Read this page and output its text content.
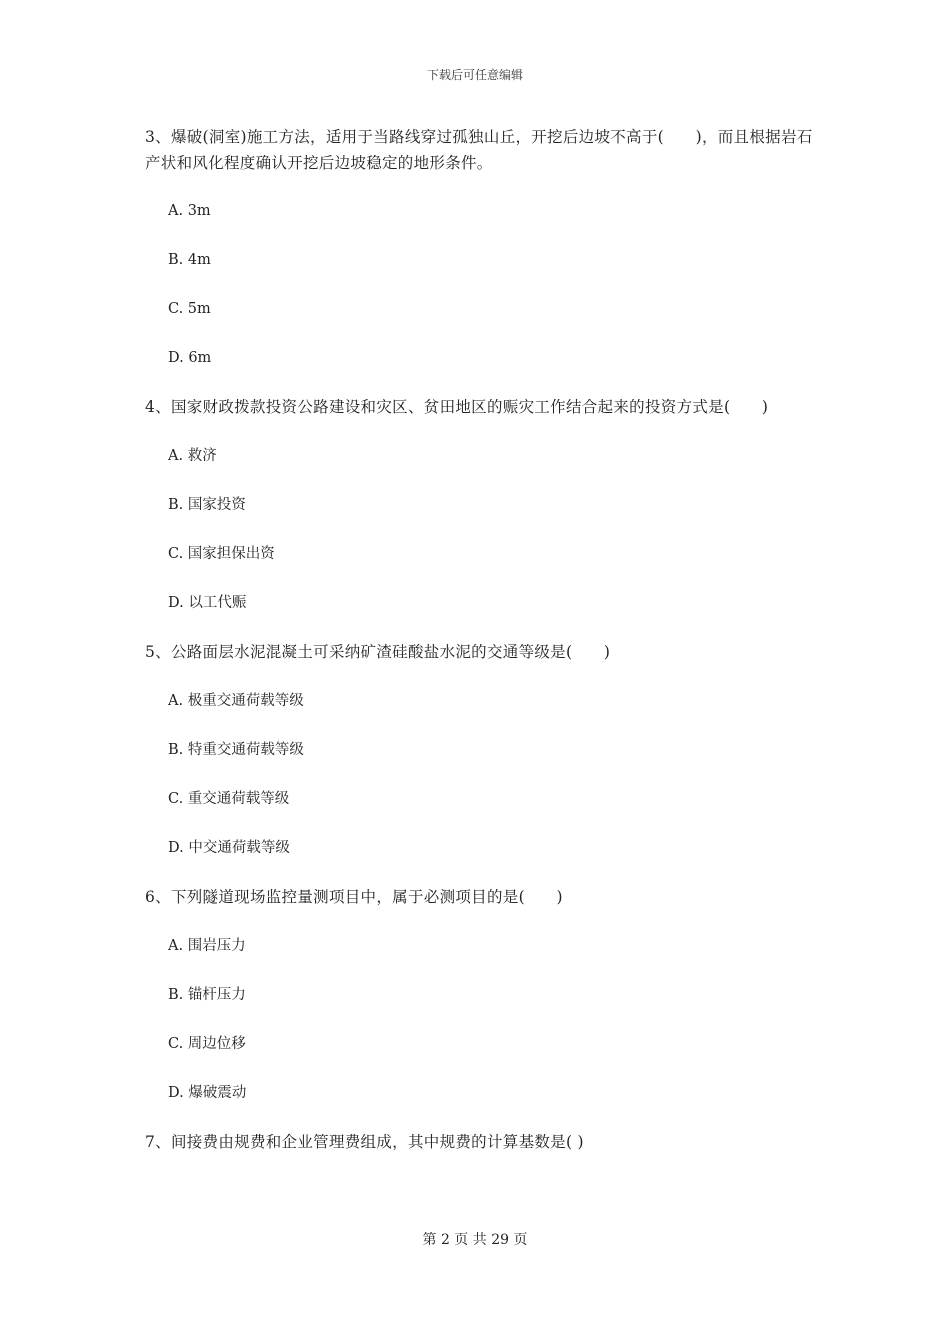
下载后可任意编辑
3、爆破(洞室)施工方法，适用于当路线穿过孤独山丘，开挖后边坡不高于(　　)，而且根据岩石产状和风化程度确认开挖后边坡稳定的地形条件。
A. 3m
B. 4m
C. 5m
D. 6m
4、国家财政拨款投资公路建设和灾区、贫田地区的赈灾工作结合起来的投资方式是(　　)
A. 救济
B. 国家投资
C. 国家担保出资
D. 以工代赈
5、公路面层水泥混凝土可采纳矿渣硅酸盐水泥的交通等级是(　　)
A. 极重交通荷载等级
B. 特重交通荷载等级
C. 重交通荷载等级
D. 中交通荷载等级
6、下列隧道现场监控量测项目中，属于必测项目的是(　　)
A. 围岩压力
B. 锚杆压力
C. 周边位移
D. 爆破震动
7、间接费由规费和企业管理费组成，其中规费的计算基数是( )
第 2 页 共 29 页
